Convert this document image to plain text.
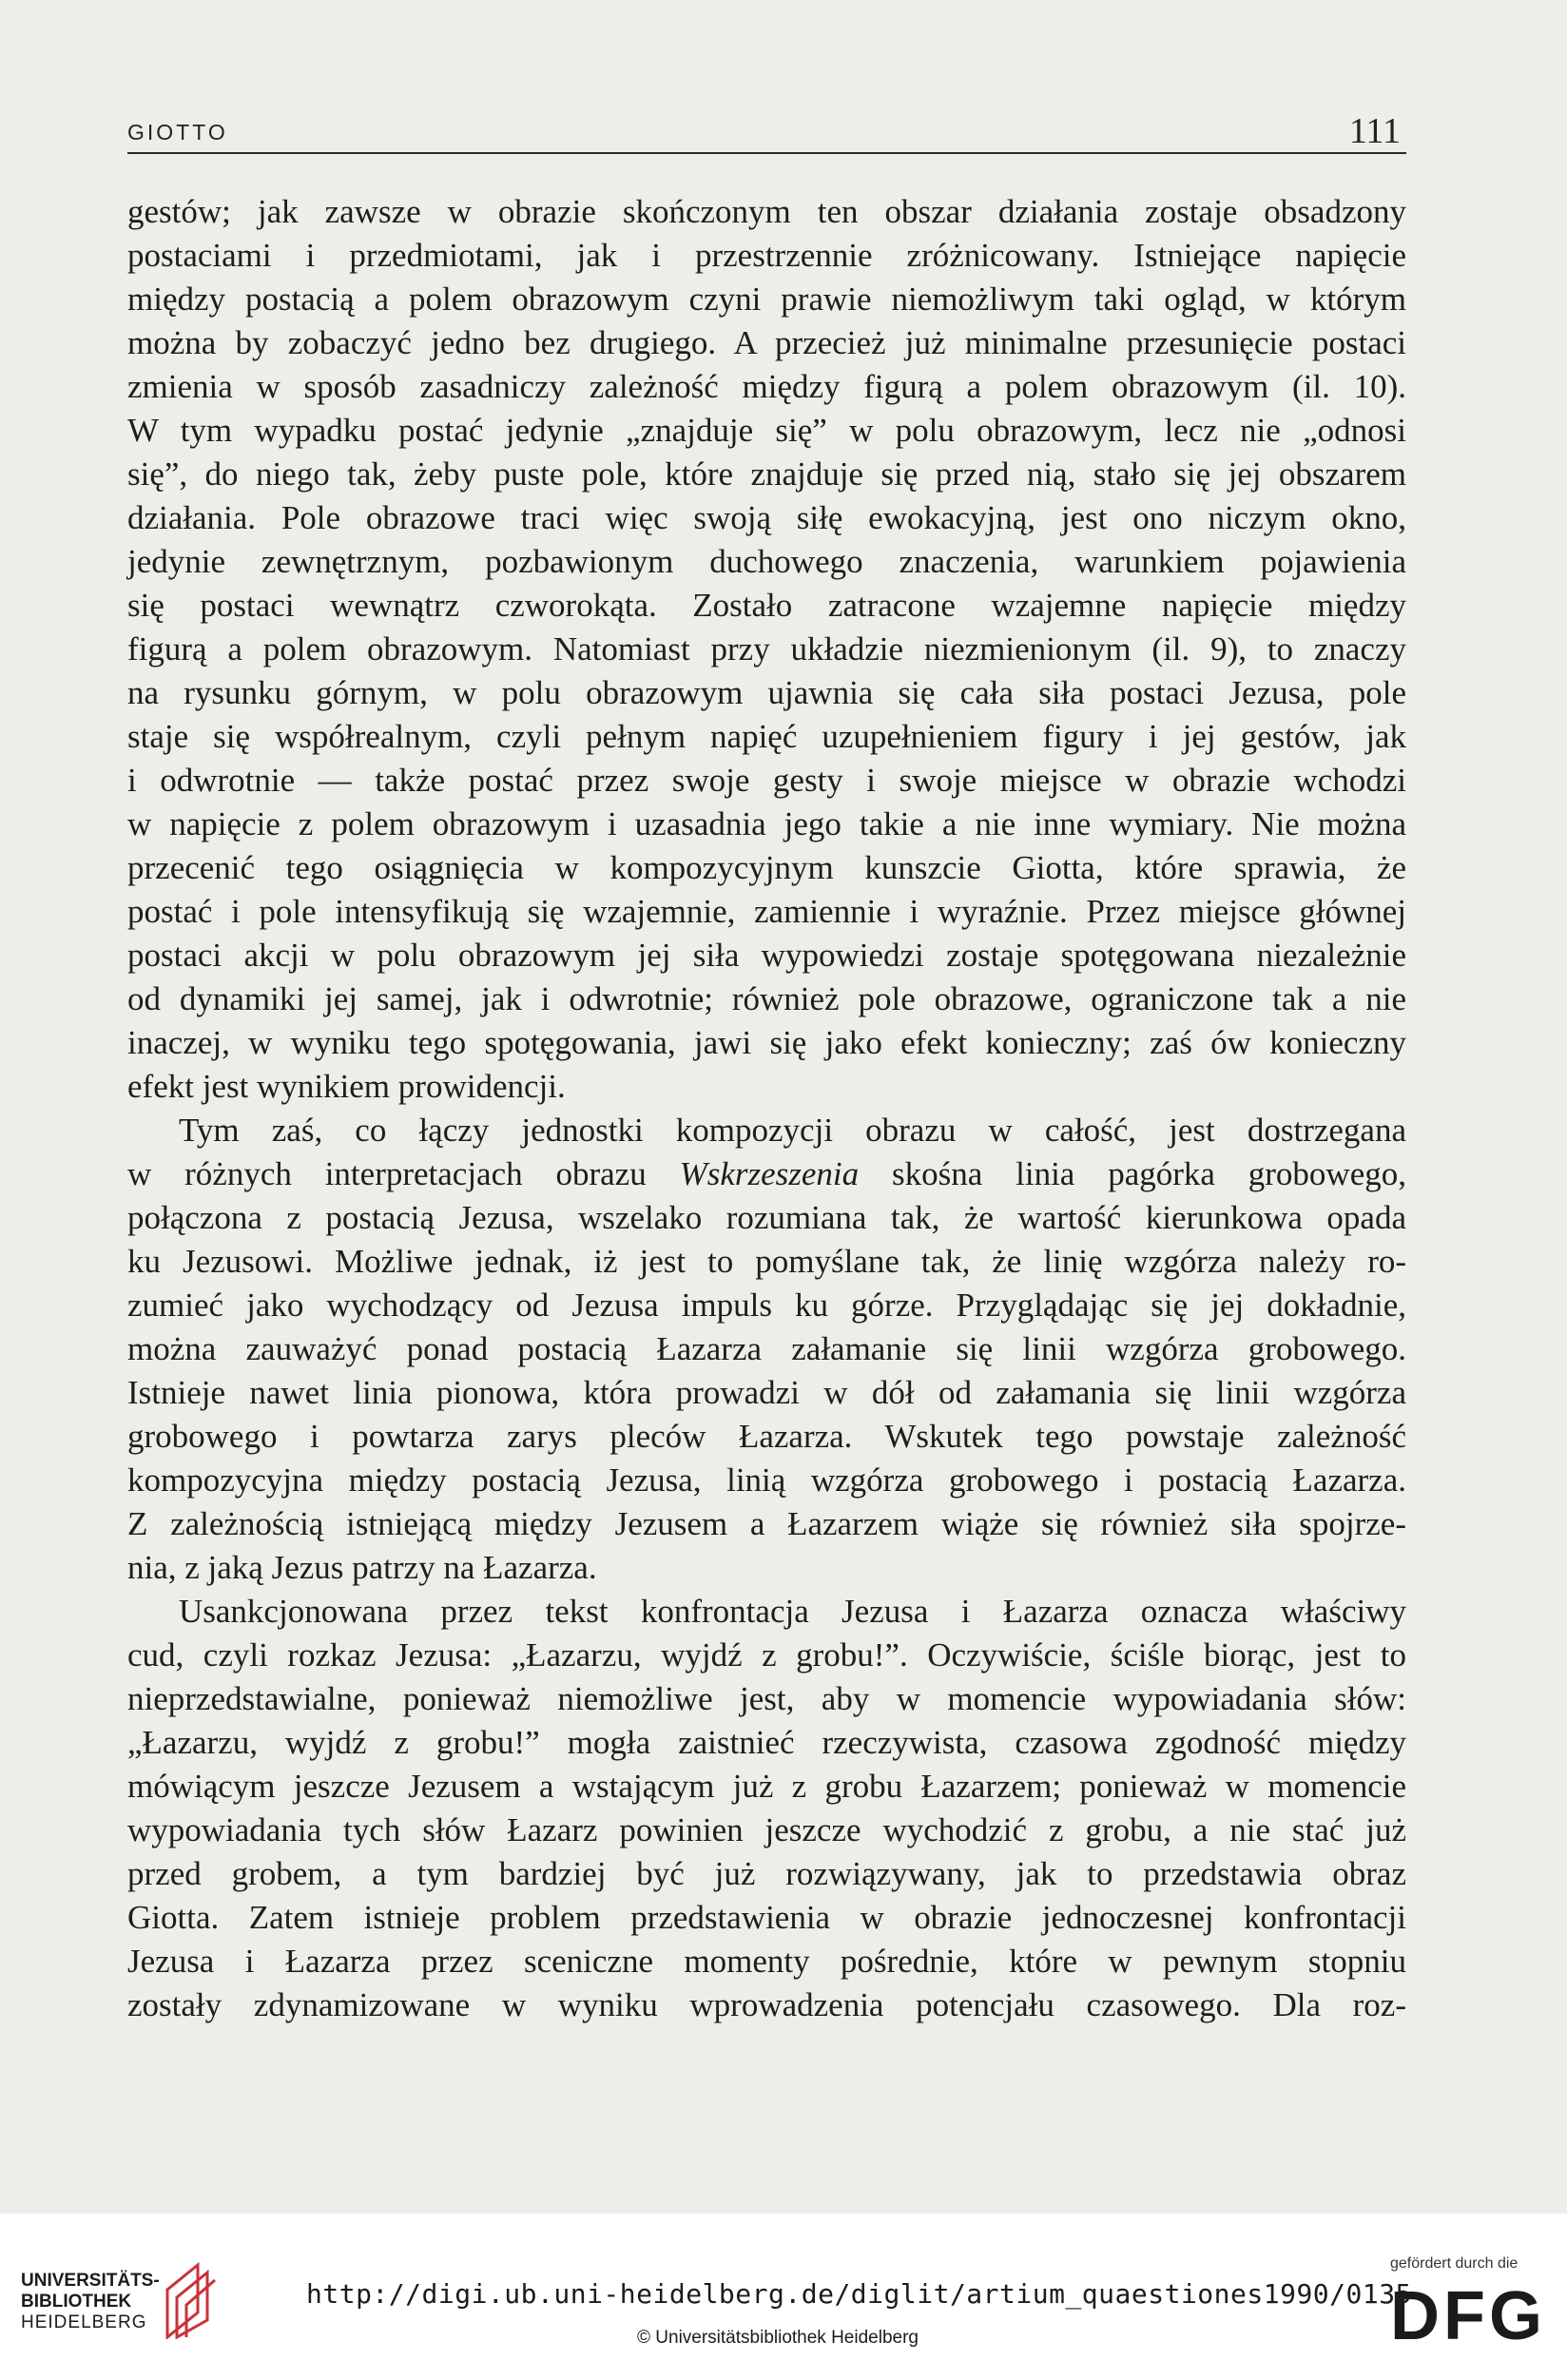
GIOTTO	111
gestów; jak zawsze w obrazie skończonym ten obszar działania zostaje obsadzony
postaciami i przedmiotami, jak i przestrzennie zróżnicowany. Istniejące napięcie
między postacią a polem obrazowym czyni prawie niemożliwym taki ogląd, w którym
można by zobaczyć jedno bez drugiego. A przecież już minimalne przesunięcie postaci
zmienia w sposób zasadniczy zależność między figurą a polem obrazowym (il. 10).
W tym wypadku postać jedynie „znajduje się” w polu obrazowym, lecz nie „odnosi
się”, do niego tak, żeby puste pole, które znajduje się przed nią, stało się jej obszarem
działania. Pole obrazowe traci więc swoją siłę ewokacyjną, jest ono niczym okno,
jedynie zewnętrznym, pozbawionym duchowego znaczenia, warunkiem pojawienia
się postaci wewnątrz czworokąta. Zostało zatracone wzajemne napięcie między
figurą a polem obrazowym. Natomiast przy układzie niezmienionym (il. 9), to znaczy
na rysunku górnym, w polu obrazowym ujawnia się cała siła postaci Jezusa, pole
staje się współrealnym, czyli pełnym napięć uzupełnieniem figury i jej gestów, jak
i odwrotnie — także postać przez swoje gesty i swoje miejsce w obrazie wchodzi
w napięcie z polem obrazowym i uzasadnia jego takie a nie inne wymiary. Nie można
przecenić tego osiągnięcia w kompozycyjnym kunszcie Giotta, które sprawia, że
postać i pole intensyfikują się wzajemnie, zamiennie i wyraźnie. Przez miejsce głównej
postaci akcji w polu obrazowym jej siła wypowiedzi zostaje spotęgowana niezależnie
od dynamiki jej samej, jak i odwrotnie; również pole obrazowe, ograniczone tak a nie
inaczej, w wyniku tego spotęgowania, jawi się jako efekt konieczny; zaś ów konieczny
efekt jest wynikiem prowidencji.
Tym zaś, co łączy jednostki kompozycji obrazu w całość, jest dostrzegana
w różnych interpretacjach obrazu Wskrzeszenia skośna linia pagórka grobowego,
połączona z postacią Jezusa, wszelako rozumiana tak, że wartość kierunkowa opada
ku Jezusowi. Możliwe jednak, iż jest to pomyślane tak, że linię wzgórza należy ro-
zumieć jako wychodzący od Jezusa impuls ku górze. Przyglądając się jej dokładnie,
można zauważyć ponad postacią Łazarza załamanie się linii wzgórza grobowego.
Istnieje nawet linia pionowa, która prowadzi w dół od załamania się linii wzgórza
grobowego i powtarza zarys pleców Łazarza. Wskutek tego powstaje zależność
kompozycyjna między postacią Jezusa, linią wzgórza grobowego i postacią Łazarza.
Z zależnością istniejącą między Jezusem a Łazarzem wiąże się również siła spojrze-
nia, z jaką Jezus patrzy na Łazarza.
Usankcjonowana przez tekst konfrontacja Jezusa i Łazarza oznacza właściwy
cud, czyli rozkaz Jezusa: „Łazarzu, wyjdź z grobu!”. Oczywiście, ściśle biorąc, jest to
nieprzedstawialne, ponieważ niemożliwe jest, aby w momencie wypowiadania słów:
„Łazarzu, wyjdź z grobu!” mogła zaistnieć rzeczywista, czasowa zgodność między
mówiącym jeszcze Jezusem a wstającym już z grobu Łazarzem; ponieważ w momencie
wypowiadania tych słów Łazarz powinien jeszcze wychodzić z grobu, a nie stać już
przed grobem, a tym bardziej być już rozwiązywany, jak to przedstawia obraz
Giotta. Zatem istnieje problem przedstawienia w obrazie jednoczesnej konfrontacji
Jezusa i Łazarza przez sceniczne momenty pośrednie, które w pewnym stopniu
zostały zdynamizowane w wyniku wprowadzenia potencjału czasowego. Dla roz-
UNIVERSITÄTS-
BIBLIOTHEK
HEIDELBERG
http://digi.ub.uni-heidelberg.de/diglit/artium_quaestiones1990/0135
© Universitätsbibliothek Heidelberg
gefördert durch die
DFG
